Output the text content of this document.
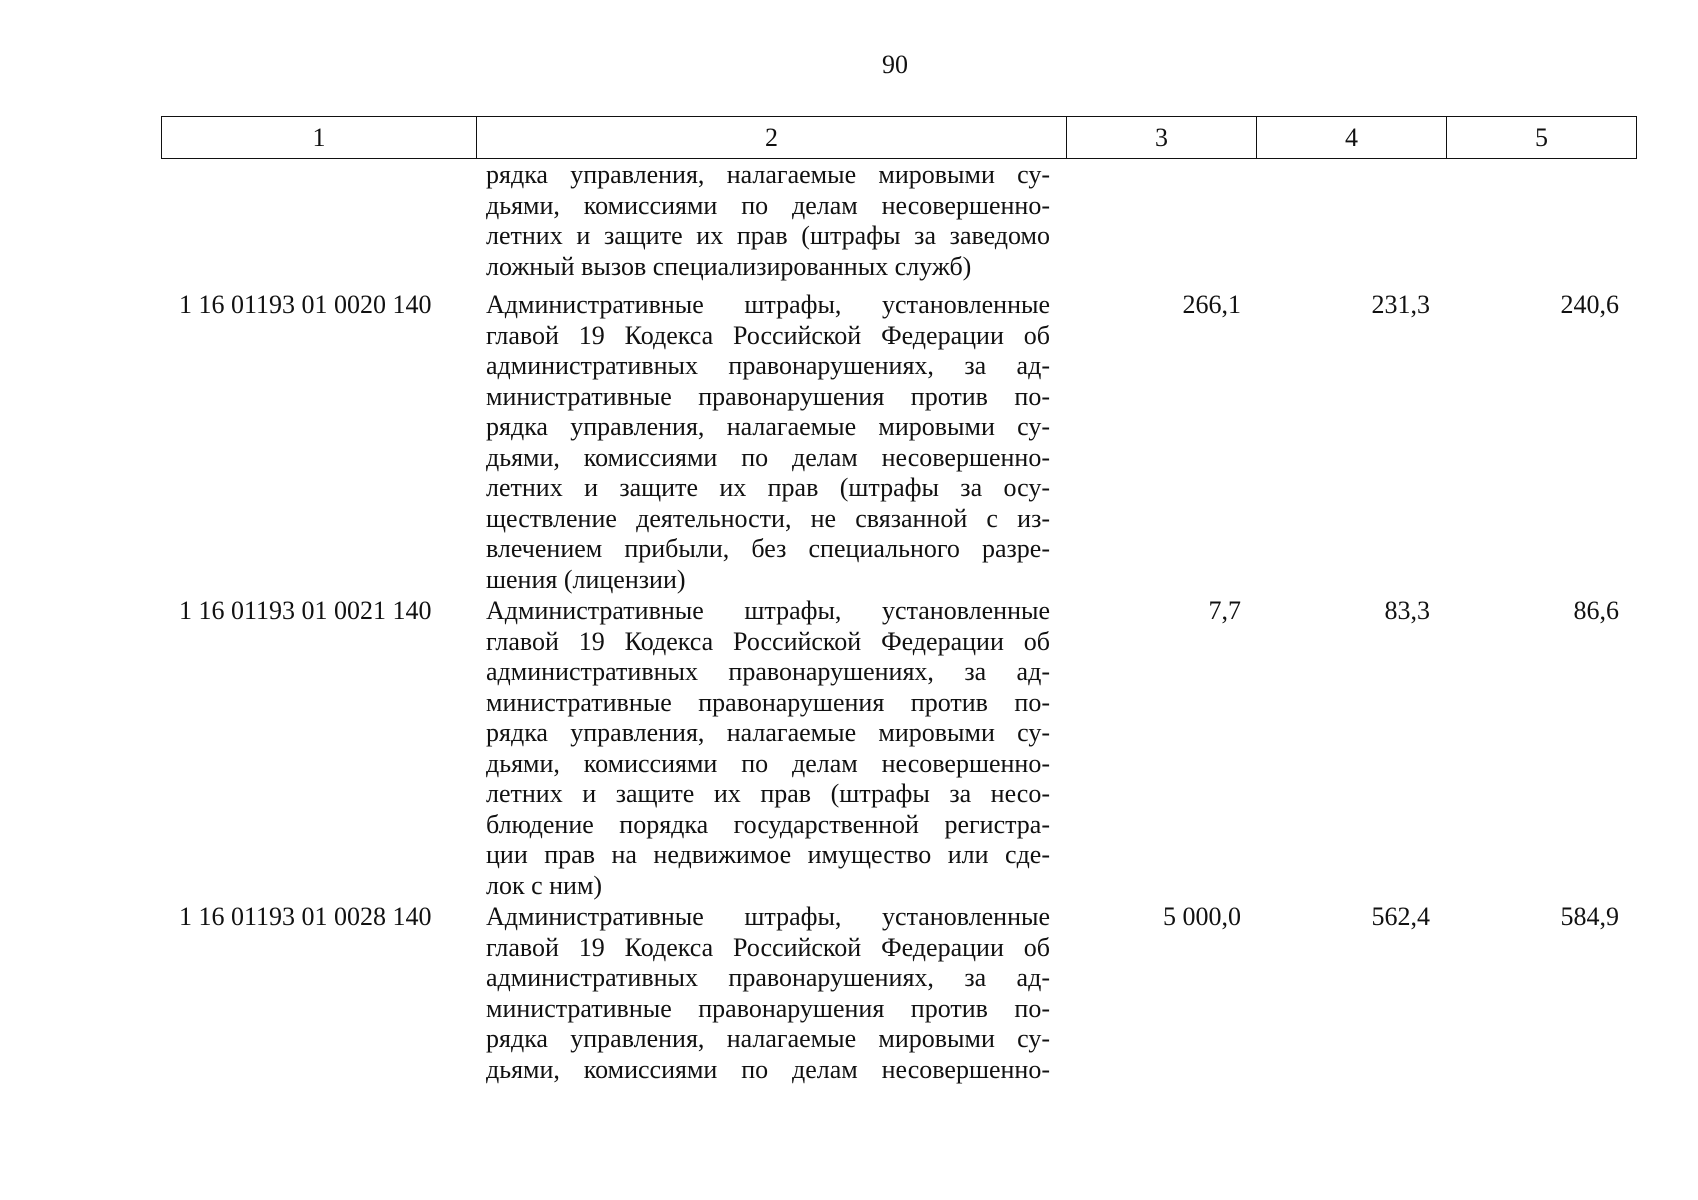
90
1	2	3	4	5
рядка управления, налагаемые мировыми су-
дьями, комиссиями по делам несовершенно-
летних и защите их прав (штрафы за заведомо
ложный вызов специализированных служб)
1 16 01193 01 0020 140	Административные штрафы, установленные
главой 19 Кодекса Российской Федерации об
административных правонарушениях, за ад-
министративные правонарушения против по-
рядка управления, налагаемые мировыми су-
дьями, комиссиями по делам несовершенно-
летних и защите их прав (штрафы за осу-
ществление деятельности, не связанной с из-
влечением прибыли, без специального разре-
шения (лицензии)
266,1	231,3	240,6
1 16 01193 01 0021 140	Административные штрафы, установленные
главой 19 Кодекса Российской Федерации об
административных правонарушениях, за ад-
министративные правонарушения против по-
рядка управления, налагаемые мировыми су-
дьями, комиссиями по делам несовершенно-
летних и защите их прав (штрафы за несо-
блюдение порядка государственной регистра-
ции прав на недвижимое имущество или сде-
лок с ним)
7,7	83,3	86,6
1 16 01193 01 0028 140	Административные штрафы, установленные
главой 19 Кодекса Российской Федерации об
административных правонарушениях, за ад-
министративные правонарушения против по-
рядка управления, налагаемые мировыми су-
дьями, комиссиями по делам несовершенно-
5 000,0	562,4	584,9
